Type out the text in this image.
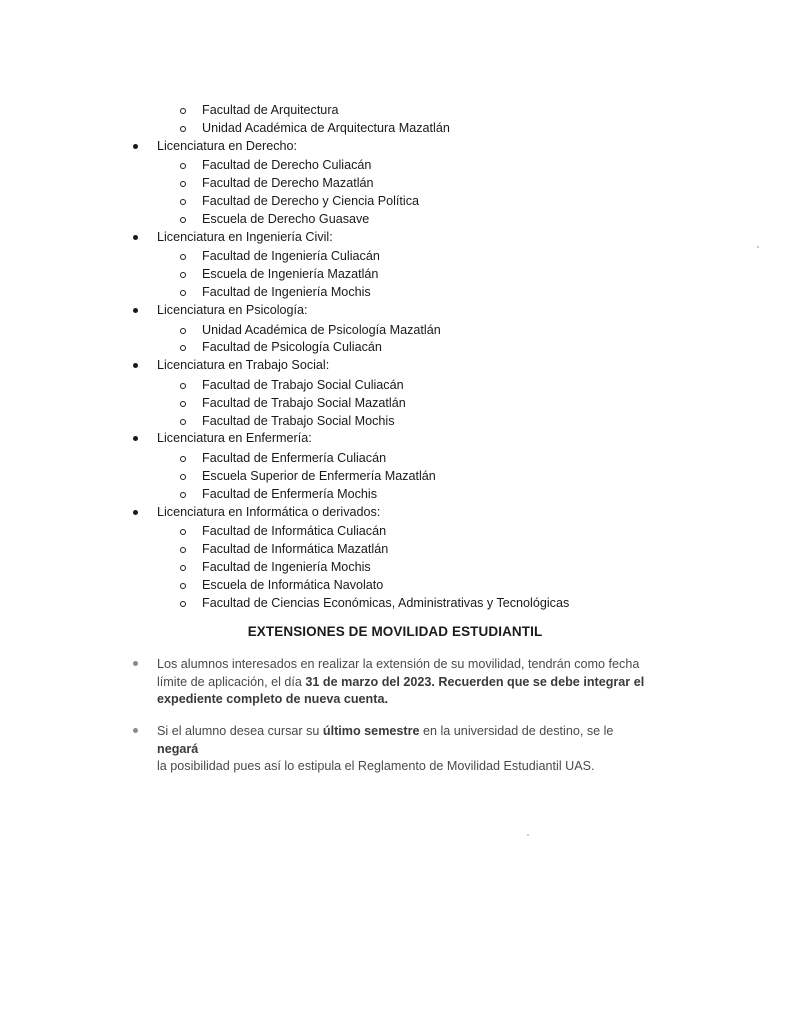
Facultad de Arquitectura
Unidad Académica de Arquitectura Mazatlán
Licenciatura en Derecho:
Facultad de Derecho Culiacán
Facultad de Derecho Mazatlán
Facultad de Derecho y Ciencia Política
Escuela de Derecho Guasave
Licenciatura en Ingeniería Civil:
Facultad de Ingeniería Culiacán
Escuela de Ingeniería Mazatlán
Facultad de Ingeniería Mochis
Licenciatura en Psicología:
Unidad Académica de Psicología Mazatlán
Facultad de Psicología Culiacán
Licenciatura en Trabajo Social:
Facultad de Trabajo Social Culiacán
Facultad de Trabajo Social Mazatlán
Facultad de Trabajo Social Mochis
Licenciatura en Enfermería:
Facultad de Enfermería Culiacán
Escuela Superior de Enfermería Mazatlán
Facultad de Enfermería Mochis
Licenciatura en Informática o derivados:
Facultad de Informática Culiacán
Facultad de Informática Mazatlán
Facultad de Ingeniería Mochis
Escuela de Informática Navolato
Facultad de Ciencias Económicas, Administrativas y Tecnológicas
EXTENSIONES DE MOVILIDAD ESTUDIANTIL
Los alumnos interesados en realizar la extensión de su movilidad, tendrán como fecha límite de aplicación, el día 31 de marzo del 2023. Recuerden que se debe integrar el expediente completo de nueva cuenta.
Si el alumno desea cursar su último semestre en la universidad de destino, se le negará
la posibilidad pues así lo estipula el Reglamento de Movilidad Estudiantil UAS.
